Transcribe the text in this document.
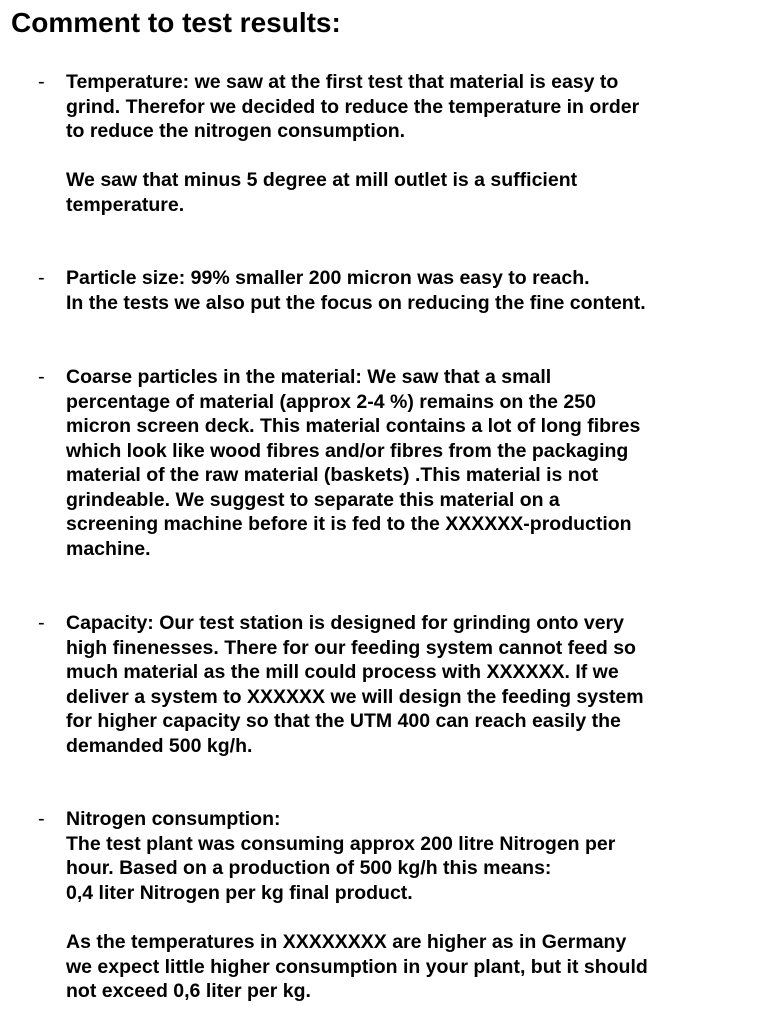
Comment to test results:
- Temperature: we saw at the first test that material is easy to
grind. Therefor we decided to reduce the temperature in order
to reduce the nitrogen consumption.

We saw that minus 5 degree at mill outlet is a sufficient
temperature.

- Particle size: 99% smaller 200 micron was easy to reach.
In the tests we also put the focus on reducing the fine content.

- Coarse particles in the material: We saw that a small
percentage of material (approx 2-4 %) remains on the 250
micron screen deck. This material contains a lot of long fibres
which look like wood fibres and/or fibres from the packaging
material of the raw material (baskets) .This material is not
grindeable. We suggest to separate this material on a
screening machine before it is fed to the XXXXXX-production
machine.

- Capacity: Our test station is designed for grinding onto very
high finenesses. There for our feeding system cannot feed so
much material as the mill could process with XXXXXX. If we
deliver a system to XXXXXX we will design the feeding system
for higher capacity so that the UTM 400 can reach easily the
demanded 500 kg/h.

- Nitrogen consumption:
The test plant was consuming approx 200 litre Nitrogen per
hour. Based on a production of 500 kg/h this means:
0,4 liter Nitrogen per kg final product.

As the temperatures in XXXXXXXX are higher as in Germany
we expect little higher consumption in your plant, but it should
not exceed 0,6 liter per kg.
